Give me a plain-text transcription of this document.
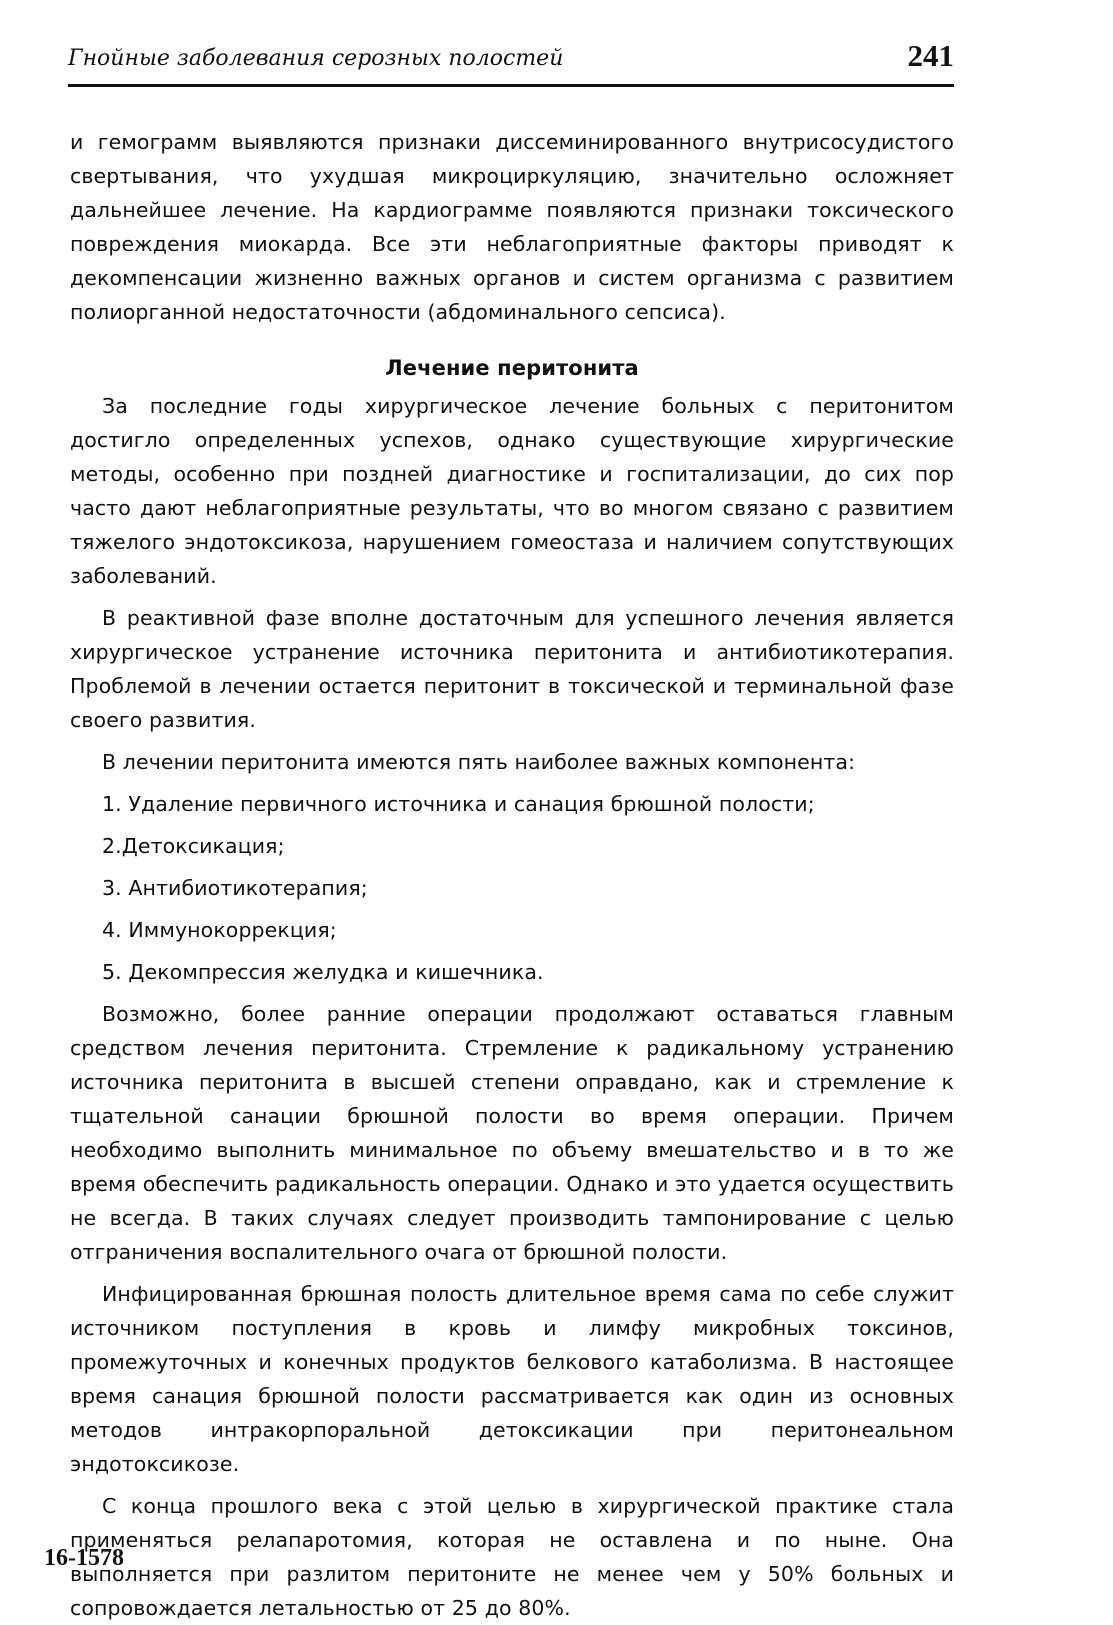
Гнойные заболевания серозных полостей	241

и гемограмм выявляются признаки диссеминированного внутрисосудистого свертывания, что ухудшая микроциркуляцию, значительно осложняет дальнейшее лечение. На кардиограмме появляются признаки токсического повреждения миокарда. Все эти неблагоприятные факторы приводят к декомпенсации жизненно важных органов и систем организма с развитием полиорганной недостаточности (абдоминального сепсиса).

Лечение перитонита

За последние годы хирургическое лечение больных с перитонитом достигло определенных успехов, однако существующие хирургические методы, особенно при поздней диагностике и госпитализации, до сих пор часто дают неблагоприятные результаты, что во многом связано с развитием тяжелого эндотоксикоза, нарушением гомеостаза и наличием сопутствующих заболеваний.

В реактивной фазе вполне достаточным для успешного лечения является хирургическое устранение источника перитонита и антибиотикотерапия. Проблемой в лечении остается перитонит в токсической и терминальной фазе своего развития.

В лечении перитонита имеются пять наиболее важных компонента:

1. Удаление первичного источника и санация брюшной полости;

2.Детоксикация;

3. Антибиотикотерапия;

4. Иммунокоррекция;

5. Декомпрессия желудка и кишечника.

Возможно, более ранние операции продолжают оставаться главным средством лечения перитонита. Стремление к радикальному устранению источника перитонита в высшей степени оправдано, как и стремление к тщательной санации брюшной полости во время операции. Причем необходимо выполнить минимальное по объему вмешательство и в то же время обеспечить радикальность операции. Однако и это удается осуществить не всегда. В таких случаях следует производить тампонирование с целью отграничения воспалительного очага от брюшной полости.

Инфицированная брюшная полость длительное время сама по себе служит источником поступления в кровь и лимфу микробных токсинов, промежуточных и конечных продуктов белкового катаболизма. В настоящее время санация брюшной полости рассматривается как один из основных методов интракорпоральной детоксикации при перитонеальном эндотоксикозе.

С конца прошлого века с этой целью в хирургической практике стала применяться релапаротомия, которая не оставлена и по ныне. Она выполняется при разлитом перитоните не менее чем у 50% больных и сопровождается летальностью от 25 до 80%.

16-1578
